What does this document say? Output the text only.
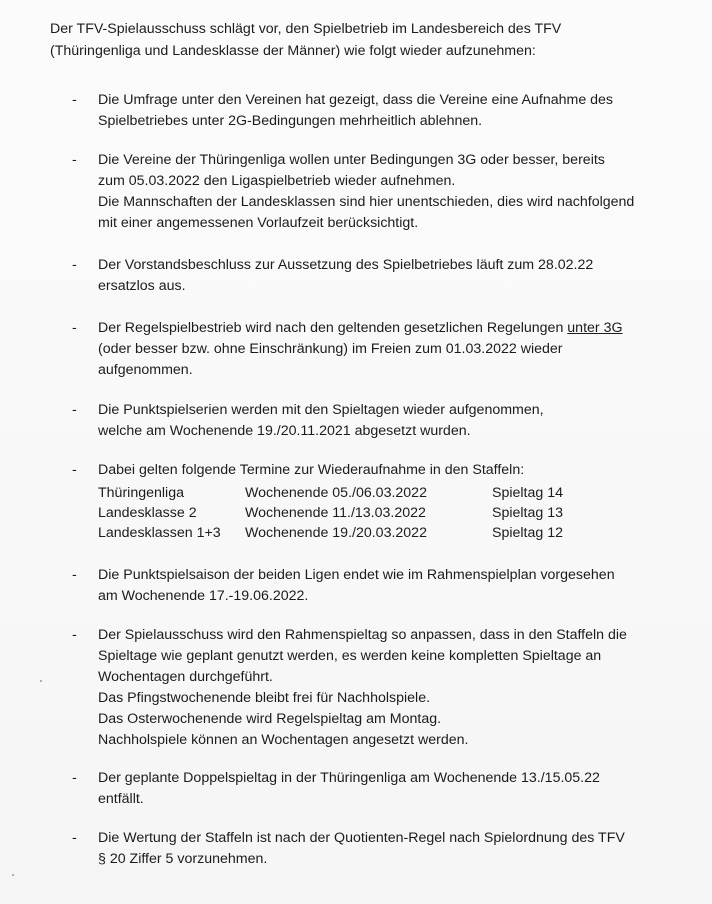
Der TFV-Spielausschuss schlägt vor, den Spielbetrieb im Landesbereich des TFV
(Thüringenliga und Landesklasse der Männer) wie folgt wieder aufzunehmen:
-	Die Umfrage unter den Vereinen hat gezeigt, dass die Vereine eine Aufnahme des
Spielbetriebes unter 2G-Bedingungen mehrheitlich ablehnen.
-	Die Vereine der Thüringenliga wollen unter Bedingungen 3G oder besser, bereits
zum 05.03.2022 den Ligaspielbetrieb wieder aufnehmen.
Die Mannschaften der Landesklassen sind hier unentschieden, dies wird nachfolgend
mit einer angemessenen Vorlaufzeit berücksichtigt.
-	Der Vorstandsbeschluss zur Aussetzung des Spielbetriebes läuft zum 28.02.22
ersatzlos aus.
-	Der Regelspielbestrieb wird nach den geltenden gesetzlichen Regelungen unter 3G
(oder besser bzw. ohne Einschränkung) im Freien zum 01.03.2022 wieder
aufgenommen.
-	Die Punktspielserien werden mit den Spieltagen wieder aufgenommen,
welche am Wochenende 19./20.11.2021 abgesetzt wurden.
-	Dabei gelten folgende Termine zur Wiederaufnahme in den Staffeln:
Thüringenliga	Wochenende 05./06.03.2022	Spieltag 14
Landesklasse 2	Wochenende 11./13.03.2022	Spieltag 13
Landesklassen 1+3	Wochenende 19./20.03.2022	Spieltag 12
-	Die Punktspielsaison der beiden Ligen endet wie im Rahmenspielplan vorgesehen
am Wochenende 17.-19.06.2022.
-	Der Spielausschuss wird den Rahmenspieltag so anpassen, dass in den Staffeln die
Spieltage wie geplant genutzt werden, es werden keine kompletten Spieltage an
Wochentagen durchgeführt.
Das Pfingstwochenende bleibt frei für Nachholspiele.
Das Osterwochenende wird Regelspieltag am Montag.
Nachholspiele können an Wochentagen angesetzt werden.
-	Der geplante Doppelspieltag in der Thüringenliga am Wochenende 13./15.05.22
entfällt.
-	Die Wertung der Staffeln ist nach der Quotienten-Regel nach Spielordnung des TFV
§ 20 Ziffer 5 vorzunehmen.
